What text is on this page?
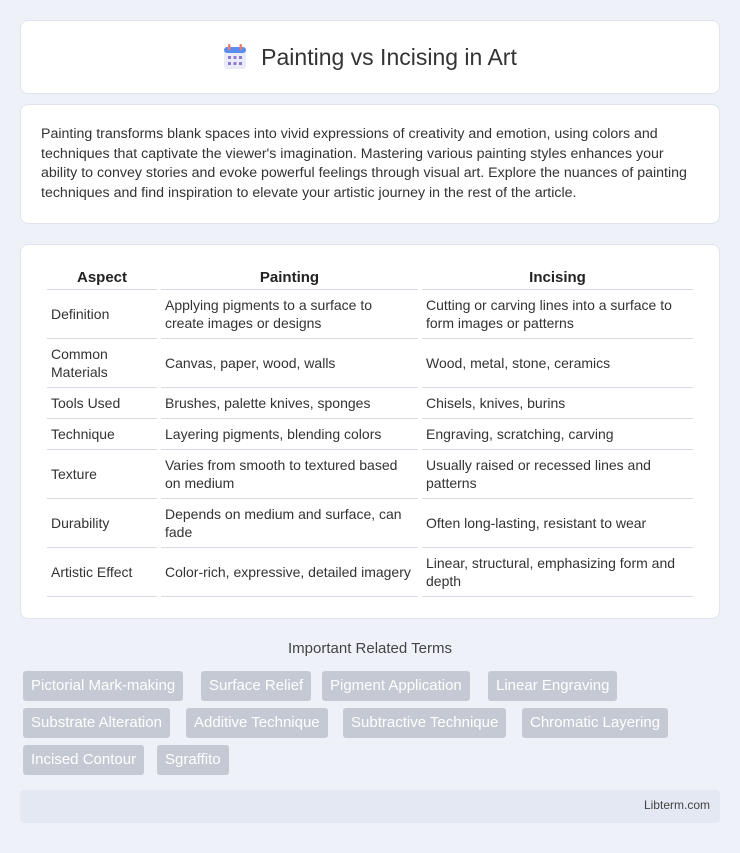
Painting vs Incising in Art

Painting transforms blank spaces into vivid expressions of creativity and emotion, using colors and techniques that captivate the viewer's imagination. Mastering various painting styles enhances your ability to convey stories and evoke powerful feelings through visual art. Explore the nuances of painting techniques and find inspiration to elevate your artistic journey in the rest of the article.

Aspect	Painting	Incising
Definition	Applying pigments to a surface to create images or designs	Cutting or carving lines into a surface to form images or patterns
Common Materials	Canvas, paper, wood, walls	Wood, metal, stone, ceramics
Tools Used	Brushes, palette knives, sponges	Chisels, knives, burins
Technique	Layering pigments, blending colors	Engraving, scratching, carving
Texture	Varies from smooth to textured based on medium	Usually raised or recessed lines and patterns
Durability	Depends on medium and surface, can fade	Often long-lasting, resistant to wear
Artistic Effect	Color-rich, expressive, detailed imagery	Linear, structural, emphasizing form and depth
Important Related Terms
Pictorial Mark-making	Surface Relief	Pigment Application	Linear Engraving
Substrate Alteration	Additive Technique	Subtractive Technique	Chromatic Layering
Incised Contour	Sgraffito
Libterm.com
